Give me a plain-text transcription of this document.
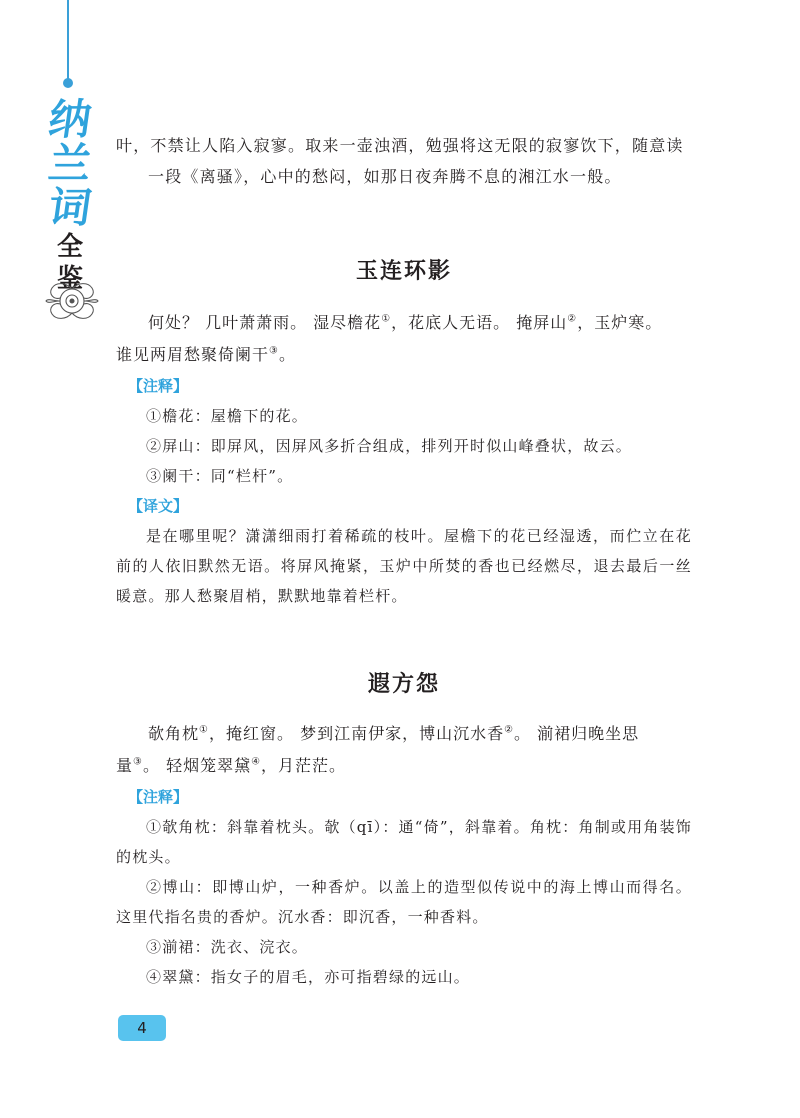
纳
兰
词
全
鉴

叶，不禁让人陷入寂寥。取来一壶浊酒，勉强将这无限的寂寥饮下，随意读

一段《离骚》，心中的愁闷，如那日夜奔腾不息的湘江水一般。

玉连环影

何处？ 几叶萧萧雨。 湿尽檐花①，花底人无语。 掩屏山②，玉炉寒。

谁见两眉愁聚倚阑干③。

【注释】

①檐花：屋檐下的花。

②屏山：即屏风，因屏风多折合组成，排列开时似山峰叠状，故云。

③阑干：同“栏杆”。

【译文】

是在哪里呢？潇潇细雨打着稀疏的枝叶。屋檐下的花已经湿透，而伫立在花前的人依旧默然无语。将屏风掩紧，玉炉中所焚的香也已经燃尽，退去最后一丝暖意。那人愁聚眉梢，默默地靠着栏杆。

遐方怨

欹角枕①，掩红窗。 梦到江南伊家，博山沉水香②。 湔裙归晚坐思

量③。 轻烟笼翠黛④，月茫茫。

【注释】

①欹角枕：斜靠着枕头。欹（qī）：通“倚”，斜靠着。角枕：角制或用角装饰的枕头。

②博山：即博山炉，一种香炉。以盖上的造型似传说中的海上博山而得名。这里代指名贵的香炉。沉水香：即沉香，一种香料。

③湔裙：洗衣、浣衣。

④翠黛：指女子的眉毛，亦可指碧绿的远山。

4
